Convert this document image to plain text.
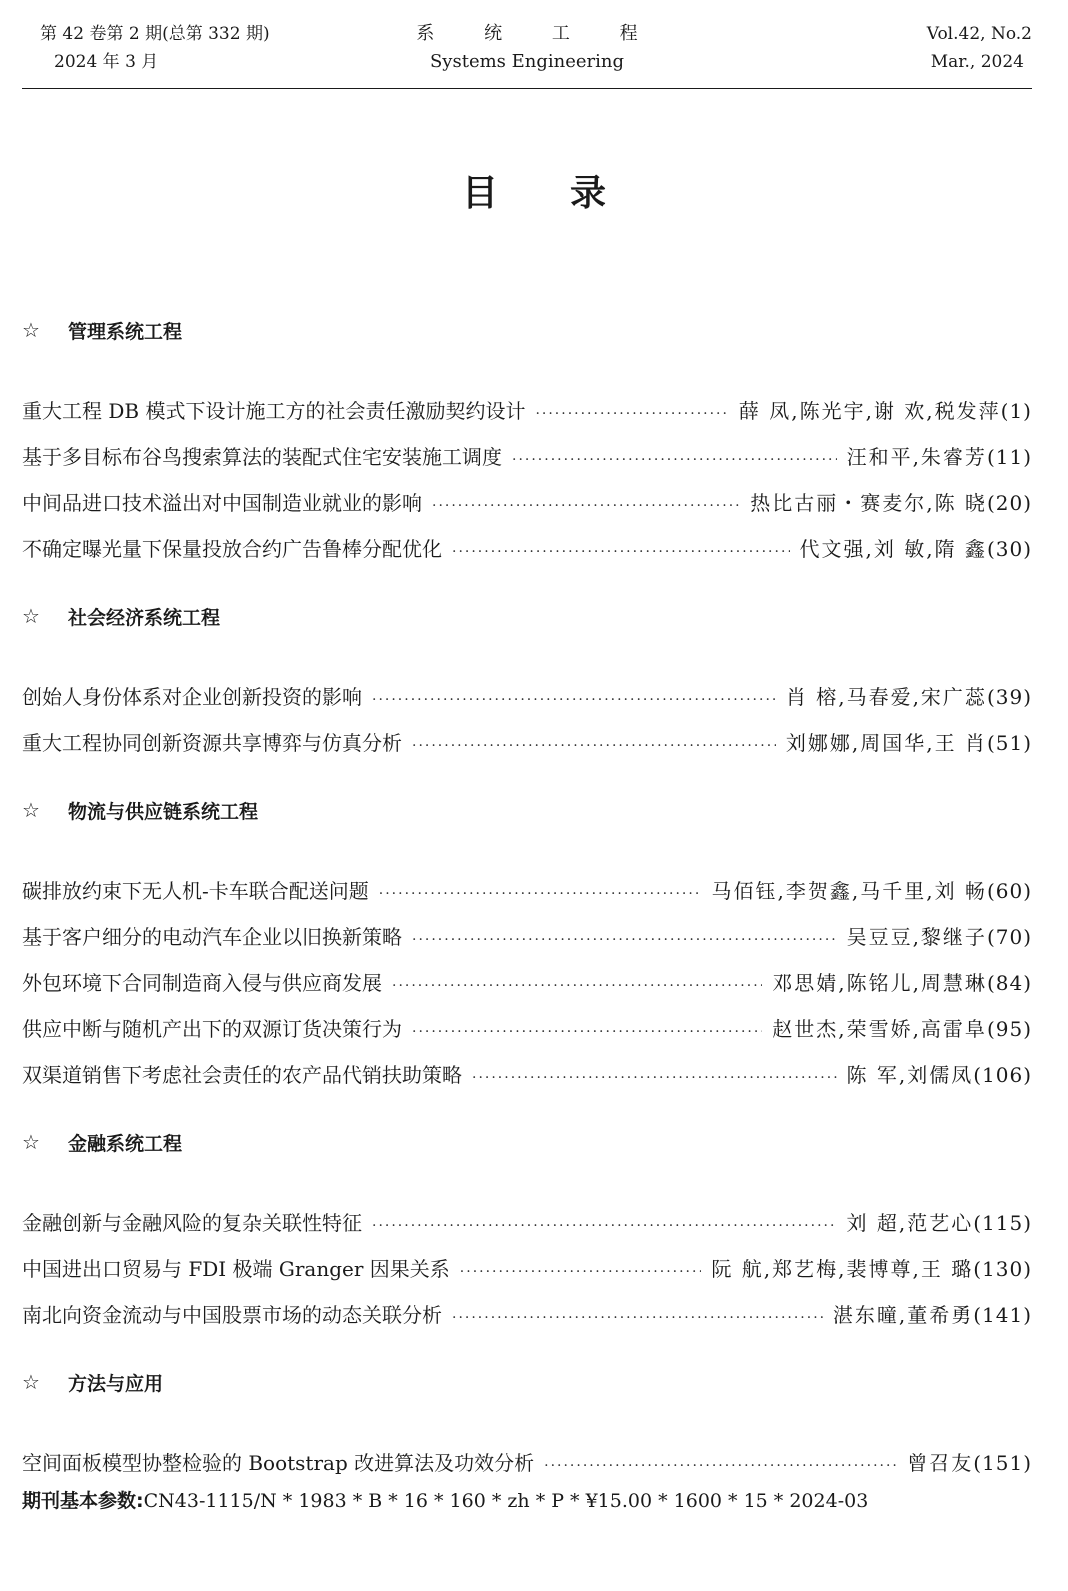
第 42 卷第 2 期(总第 332 期)
2024 年 3 月
系 统 工 程
Systems Engineering
Vol.42, No.2
Mar., 2024
目录
☆	管理系统工程
重大工程 DB 模式下设计施工方的社会责任激励契约设计 ·····	薛 凤,陈光宇,谢 欢,税发萍 (1)
基于多目标布谷鸟搜索算法的装配式住宅安装施工调度 ·····	汪和平,朱睿芳 (11)
中间品进口技术溢出对中国制造业就业的影响 ·····	热比古丽・赛麦尔,陈 晓 (20)
不确定曝光量下保量投放合约广告鲁棒分配优化 ·····	代文强,刘 敏,隋 鑫 (30)
☆	社会经济系统工程
创始人身份体系对企业创新投资的影响 ·····	肖 榕,马春爱,宋广蕊 (39)
重大工程协同创新资源共享博弈与仿真分析 ·····	刘娜娜,周国华,王 肖 (51)
☆	物流与供应链系统工程
碳排放约束下无人机-卡车联合配送问题 ·····	马佰钰,李贺鑫,马千里,刘 畅 (60)
基于客户细分的电动汽车企业以旧换新策略 ·····	吴豆豆,黎继子 (70)
外包环境下合同制造商入侵与供应商发展 ·····	邓思婧,陈铭儿,周慧琳 (84)
供应中断与随机产出下的双源订货决策行为 ·····	赵世杰,荣雪娇,高雷阜 (95)
双渠道销售下考虑社会责任的农产品代销扶助策略 ·····	陈 军,刘儒凤 (106)
☆	金融系统工程
金融创新与金融风险的复杂关联性特征 ·····	刘 超,范艺心 (115)
中国进出口贸易与 FDI 极端 Granger 因果关系 ·····	阮 航,郑艺梅,裴博尊,王 璐 (130)
南北向资金流动与中国股票市场的动态关联分析 ·····	湛东曈,董希勇 (141)
☆	方法与应用
空间面板模型协整检验的 Bootstrap 改进算法及功效分析 ·····	曾召友 (151)
期刊基本参数:CN43-1115/N * 1983 * B * 16 * 160 * zh * P * ¥15.00 * 1600 * 15 * 2024-03
